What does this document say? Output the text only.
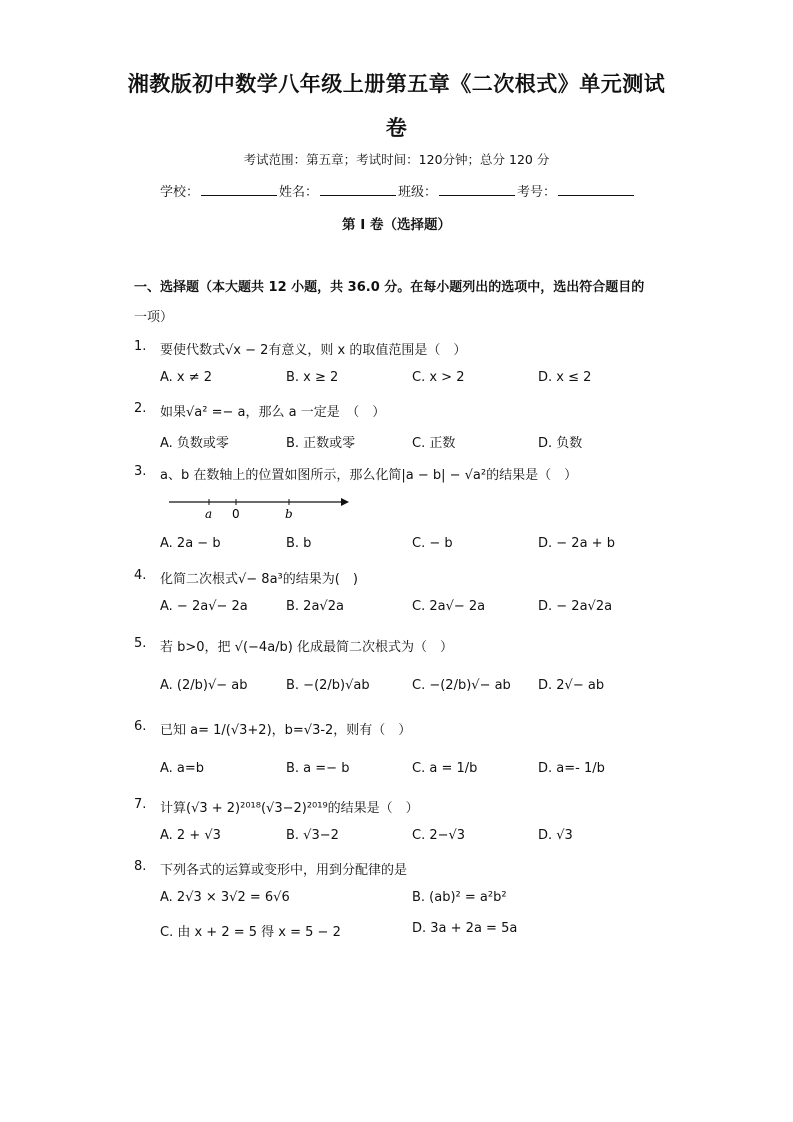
湘教版初中数学八年级上册第五章《二次根式》单元测试
卷
考试范围：第五章；考试时间：120分钟；总分 120 分
学校：	姓名：	班级：	考号：
第 I 卷（选择题）
一、选择题（本大题共 12 小题，共 36.0 分。在每小题列出的选项中，选出符合题目的
一项）
1. 要使代数式√x − 2有意义，则 x 的取值范围是（　）
A. x ≠ 2	B. x ≥ 2	C. x > 2	D. x ≤ 2
2. 如果√a² =− a，那么 a 一定是　（　）
A. 负数或零	B. 正数或零	C. 正数	D. 负数
3. a、b 在数轴上的位置如图所示，那么化简|a − b| − √a²的结果是（　）
a 0	b
A. 2a − b	B. b	C. − b	D. − 2a + b
4. 化简二次根式√− 8a³的结果为(　)
A. − 2a√− 2a	B. 2a√2a	C. 2a√− 2a	D. − 2a√2a
5. 若 b>0，把 √(−4a/b) 化成最简二次根式为（　）
A. (2/b)√− ab	B. −(2/b)√ab	C. −(2/b)√− ab D. 2√− ab
6. 已知 a= 1/(√3+2)，b=√3-2，则有（　）
A. a=b	B. a =− b	C. a = 1/b	D. a=- 1/b
7. 计算(√3 + 2)²⁰¹⁸(√3−2)²⁰¹⁹的结果是（　）
A. 2 + √3	B. √3−2	C. 2−√3	D. √3
8. 下列各式的运算或变形中，用到分配律的是
A. 2√3 × 3√2 = 6√6	B. (ab)² = a²b²
C. 由 x + 2 = 5 得 x = 5 − 2	D. 3a + 2a = 5a
